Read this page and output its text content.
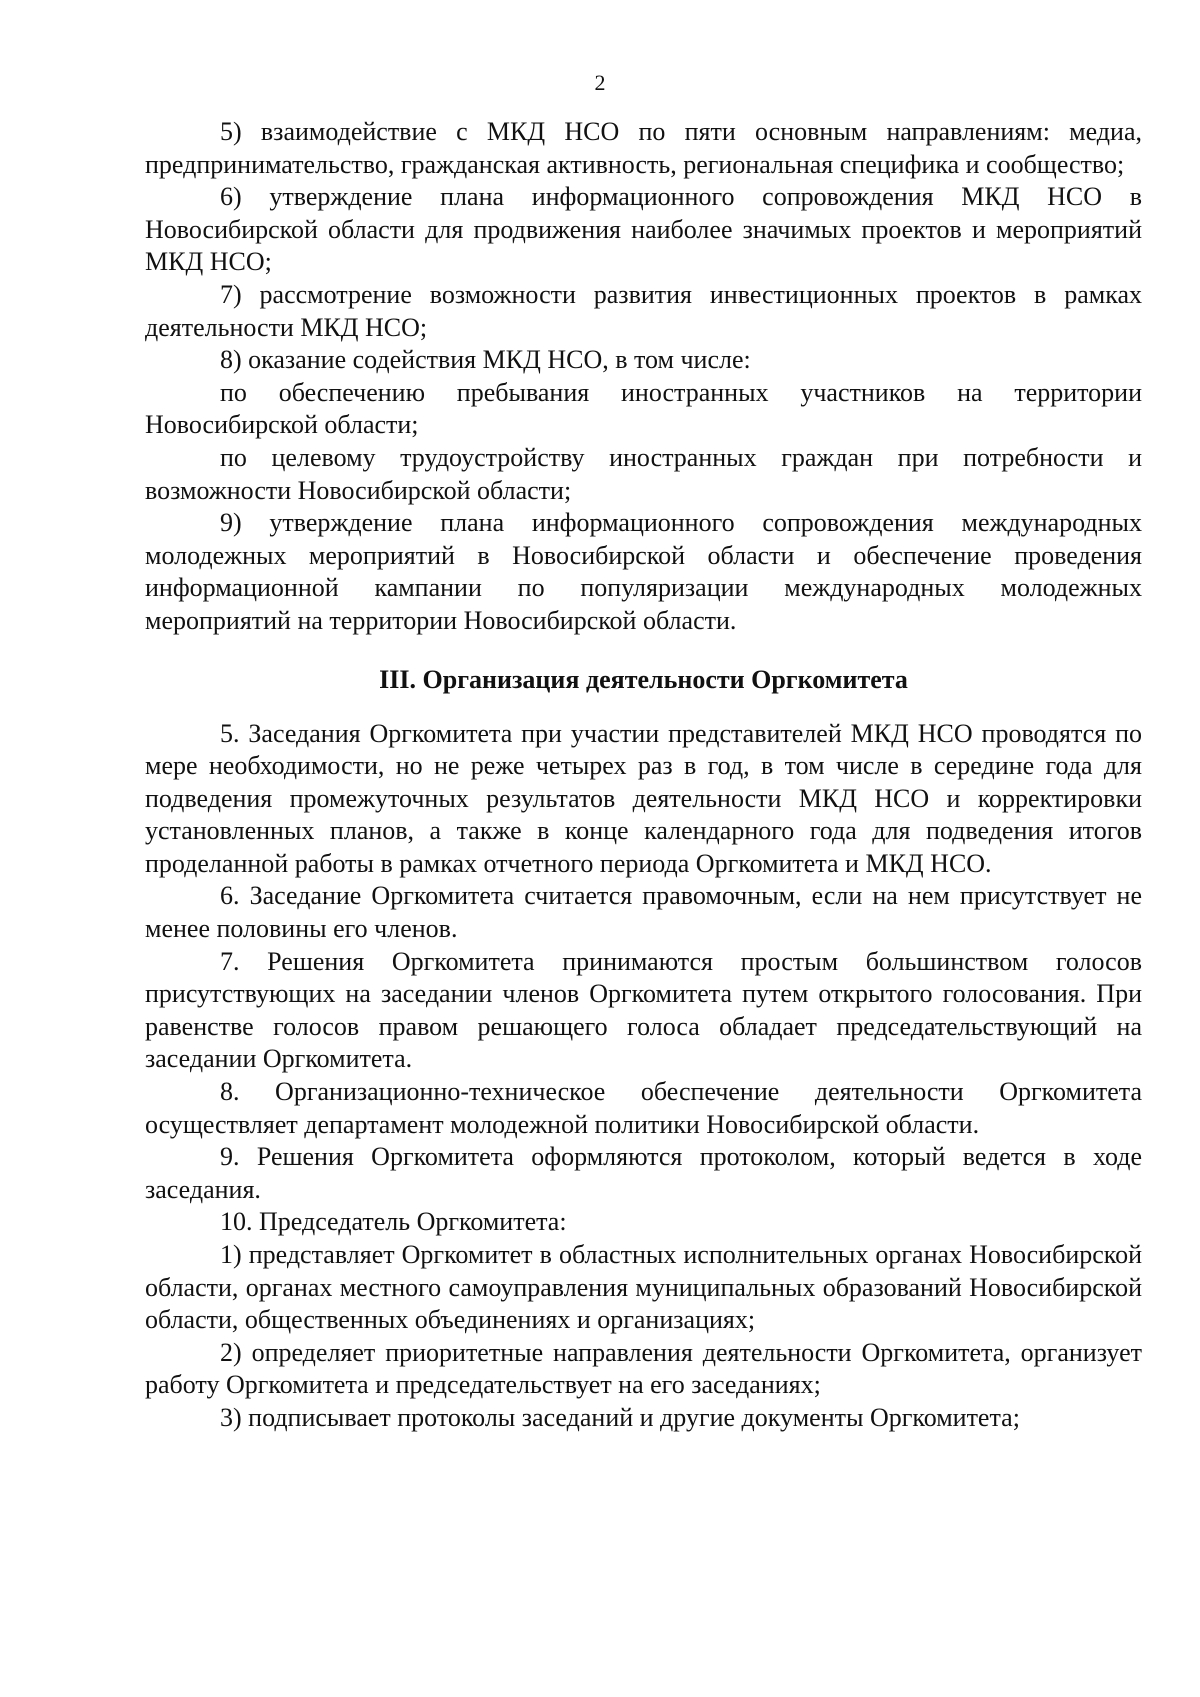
2

5) взаимодействие с МКД НСО по пяти основным направлениям: медиа, предпринимательство, гражданская активность, региональная специфика и сообщество;

6) утверждение плана информационного сопровождения МКД НСО в Новосибирской области для продвижения наиболее значимых проектов и мероприятий МКД НСО;

7) рассмотрение возможности развития инвестиционных проектов в рамках деятельности МКД НСО;

8) оказание содействия МКД НСО, в том числе:

по обеспечению пребывания иностранных участников на территории Новосибирской области;

по целевому трудоустройству иностранных граждан при потребности и возможности Новосибирской области;

9) утверждение плана информационного сопровождения международных молодежных мероприятий в Новосибирской области и обеспечение проведения информационной кампании по популяризации международных молодежных мероприятий на территории Новосибирской области.

III. Организация деятельности Оргкомитета

5. Заседания Оргкомитета при участии представителей МКД НСО проводятся по мере необходимости, но не реже четырех раз в год, в том числе в середине года для подведения промежуточных результатов деятельности МКД НСО и корректировки установленных планов, а также в конце календарного года для подведения итогов проделанной работы в рамках отчетного периода Оргкомитета и МКД НСО.

6. Заседание Оргкомитета считается правомочным, если на нем присутствует не менее половины его членов.

7. Решения Оргкомитета принимаются простым большинством голосов присутствующих на заседании членов Оргкомитета путем открытого голосования. При равенстве голосов правом решающего голоса обладает председательствующий на заседании Оргкомитета.

8. Организационно-техническое обеспечение деятельности Оргкомитета осуществляет департамент молодежной политики Новосибирской области.

9. Решения Оргкомитета оформляются протоколом, который ведется в ходе заседания.

10. Председатель Оргкомитета:

1) представляет Оргкомитет в областных исполнительных органах Новосибирской области, органах местного самоуправления муниципальных образований Новосибирской области, общественных объединениях и организациях;

2) определяет приоритетные направления деятельности Оргкомитета, организует работу Оргкомитета и председательствует на его заседаниях;

3) подписывает протоколы заседаний и другие документы Оргкомитета;
